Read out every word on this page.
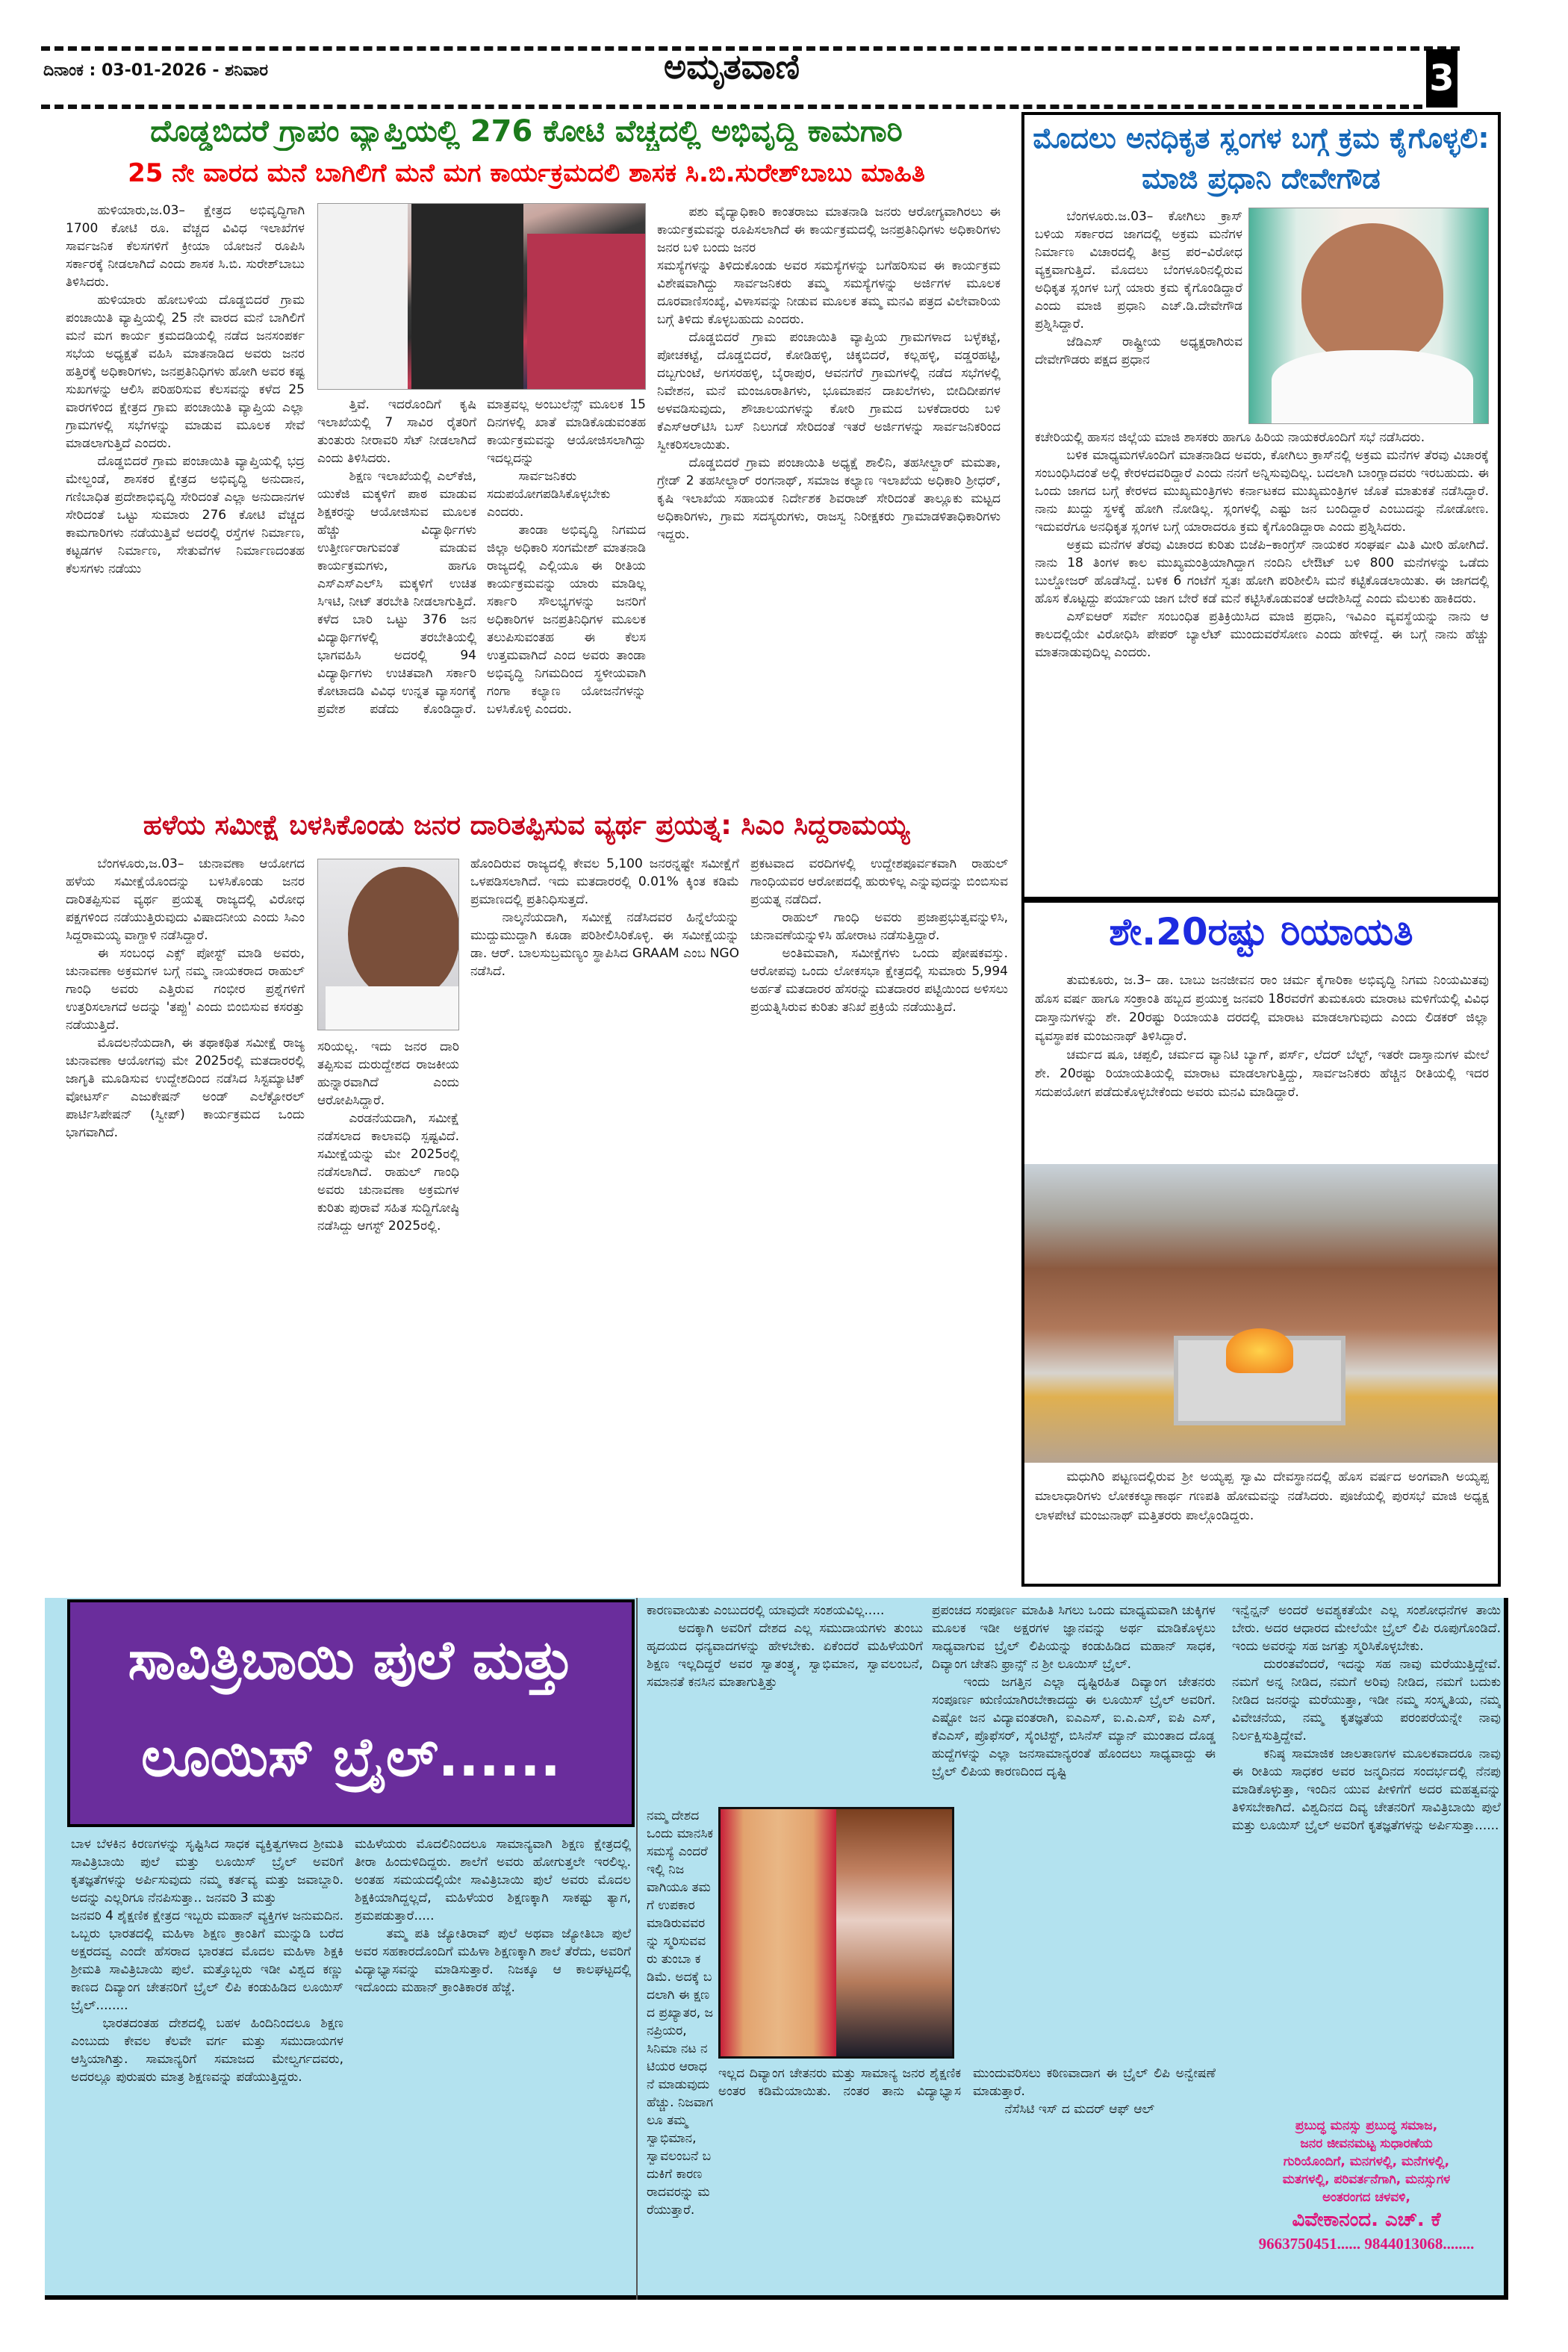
ದಿನಾಂಕ : 03-01-2026 - ಶನಿವಾರ	ಅಮೃತವಾಣಿ	3
ದೊಡ್ಡಬಿದರೆ ಗ್ರಾಪಂ ವ್ಯಾಪ್ತಿಯಲ್ಲಿ 276 ಕೋಟಿ ವೆಚ್ಚದಲ್ಲಿ ಅಭಿವೃದ್ಧಿ ಕಾಮಗಾರಿ
25 ನೇ ವಾರದ ಮನೆ ಬಾಗಿಲಿಗೆ ಮನೆ ಮಗ ಕಾರ್ಯಕ್ರಮದಲಿ ಶಾಸಕ ಸಿ.ಬಿ.ಸುರೇಶ್‌ಬಾಬು ಮಾಹಿತಿ

ಹುಳಿಯಾರು,ಜ.03– ಕ್ಷೇತ್ರದ ಅಭಿವೃದ್ಧಿಗಾಗಿ 1700 ಕೋಟಿ ರೂ. ವೆಚ್ಚದ ವಿವಿಧ ಇಲಾಖೆಗಳ ಸಾರ್ವಜನಿಕ ಕೆಲಸಗಳಿಗೆ ಕ್ರೀಯಾ ಯೋಜನೆ ರೂಪಿಸಿ ಸರ್ಕಾರಕ್ಕೆ ನೀಡಲಾಗಿದೆ ಎಂದು ಶಾಸಕ ಸಿ.ಬಿ. ಸುರೇಶ್‌ಬಾಬು ತಿಳಿಸಿದರು.

ಹುಳಿಯಾರು ಹೋಬಳಿಯ ದೊಡ್ಡಬಿದರೆ ಗ್ರಾಮ ಪಂಚಾಯಿತಿ ವ್ಯಾಪ್ತಿಯಲ್ಲಿ 25 ನೇ ವಾರದ ಮನೆ ಬಾಗಿಲಿಗೆ ಮನೆ ಮಗ ಕಾರ್ಯ ಕ್ರಮದಡಿಯಲ್ಲಿ ನಡೆದ ಜನಸಂಪರ್ಕ ಸಭೆಯ ಅಧ್ಯಕ್ಷತೆ ವಹಿಸಿ ಮಾತನಾಡಿದ ಅವರು ಜನರ ಹತ್ತಿರಕ್ಕೆ ಅಧಿಕಾರಿಗಳು, ಜನಪ್ರತಿನಿಧಿಗಳು ಹೋಗಿ ಅವರ ಕಷ್ಟ ಸುಖಗಳನ್ನು ಆಲಿಸಿ ಪರಿಹರಿಸುವ ಕೆಲಸವನ್ನು ಕಳೆದ 25 ವಾರಗಳಿಂದ ಕ್ಷೇತ್ರದ ಗ್ರಾಮ ಪಂಚಾಯಿತಿ ವ್ಯಾಪ್ತಿಯ ಎಲ್ಲಾ ಗ್ರಾಮಗಳಲ್ಲಿ ಸಭೆಗಳನ್ನು ಮಾಡುವ ಮೂಲಕ ಸೇವೆ ಮಾಡಲಾಗುತ್ತಿದೆ ಎಂದರು.

ದೊಡ್ಡಬಿದರೆ ಗ್ರಾಮ ಪಂಚಾಯಿತಿ ವ್ಯಾಪ್ತಿಯಲ್ಲಿ ಭದ್ರ ಮೇಲ್ದಂಡೆ, ಶಾಸಕರ ಕ್ಷೇತ್ರದ ಅಭಿವೃದ್ಧಿ ಅನುದಾನ, ಗಣಿಬಾಧಿತ ಪ್ರದೇಶಾಭಿವೃದ್ಧಿ ಸೇರಿದಂತೆ ಎಲ್ಲಾ ಅನುದಾನಗಳ ಸೇರಿದಂತೆ ಒಟ್ಟು ಸುಮಾರು 276 ಕೋಟಿ ವೆಚ್ಚದ ಕಾಮಗಾರಿಗಳು ನಡೆಯುತ್ತಿವೆ ಅದರಲ್ಲಿ ರಸ್ತೆಗಳ ನಿರ್ಮಾಣ, ಕಟ್ಟಡಗಳ ನಿರ್ಮಾಣ, ಸೇತುವೆಗಳ ನಿರ್ಮಾಣದಂತಹ ಕೆಲಸಗಳು ನಡೆಯು

ತ್ತಿವೆ. ಇದರೊಂದಿಗೆ ಕೃಷಿ ಇಲಾಖೆಯಲ್ಲಿ 7 ಸಾವಿರ ರೈತರಿಗೆ ತುಂತುರು ನೀರಾವರಿ ಸೆಟ್ ನೀಡಲಾಗಿದೆ ಎಂದು ತಿಳಿಸಿದರು.

ಶಿಕ್ಷಣ ಇಲಾಖೆಯಲ್ಲಿ ಎಲ್‌ಕೆಜಿ, ಯುಕೆಜಿ ಮಕ್ಕಳಿಗೆ ಪಾಠ ಮಾಡುವ ಶಿಕ್ಷಕರನ್ನು ಆಯೋಜಿಸುವ ಮೂಲಕ ಹೆಚ್ಚು ವಿದ್ಯಾರ್ಥಿಗಳು ಉತ್ತೀರ್ಣರಾಗುವಂತೆ ಮಾಡುವ ಕಾರ್ಯಕ್ರಮಗಳು, ಹಾಗೂ ಎಸ್ಎಸ್ಎಲ್‌ಸಿ ಮಕ್ಕಳಿಗೆ ಉಚಿತ ಸಿಇಟಿ, ನೀಟ್ ತರಬೇತಿ ನೀಡಲಾಗುತ್ತಿದೆ. ಕಳೆದ ಬಾರಿ ಒಟ್ಟು 376 ಜನ ವಿದ್ಯಾರ್ಥಿಗಳಲ್ಲಿ ತರಬೇತಿಯಲ್ಲಿ ಭಾಗವಹಿಸಿ ಅದರಲ್ಲಿ 94 ವಿದ್ಯಾರ್ಥಿಗಳು ಉಚಿತವಾಗಿ ಸರ್ಕಾರಿ ಕೋಟಾದಡಿ ವಿವಿಧ ಉನ್ನತ ವ್ಯಾಸಂಗಕ್ಕೆ ಪ್ರವೇಶ ಪಡೆದು ಕೊಂಡಿದ್ದಾರೆ. ಮಾತ್ರವಲ್ಲ ಅಂಬುಲೆನ್ಸ್ ಮೂಲಕ 15 ದಿನಗಳಲ್ಲಿ ಖಾತೆ ಮಾಡಿಕೊಡುವಂತಹ ಕಾರ್ಯಕ್ರಮವನ್ನು ಆಯೋಜಿಸಲಾಗಿದ್ದು ಇದಲ್ಲದನ್ನು

ಸಾರ್ವಜನಿಕರು ಸದುಪಯೋಗಪಡಿಸಿಕೊಳ್ಳಬೇಕು ಎಂದರು.

ತಾಂಡಾ ಅಭಿವೃದ್ಧಿ ನಿಗಮದ ಜಿಲ್ಲಾ ಅಧಿಕಾರಿ ಸಂಗಮೇಶ್ ಮಾತನಾಡಿ ರಾಜ್ಯದಲ್ಲಿ ಎಲ್ಲಿಯೂ ಈ ರೀತಿಯ ಕಾರ್ಯಕ್ರಮವನ್ನು ಯಾರು ಮಾಡಿಲ್ಲ ಸರ್ಕಾರಿ ಸೌಲಭ್ಯಗಳನ್ನು ಜನರಿಗೆ ಅಧಿಕಾರಿಗಳ ಜನಪ್ರತಿನಿಧಿಗಳ ಮೂಲಕ ತಲುಪಿಸುವಂತಹ ಈ ಕೆಲಸ ಉತ್ತಮವಾಗಿದೆ ಎಂದ ಅವರು ತಾಂಡಾ ಅಭಿವೃದ್ಧಿ ನಿಗಮದಿಂದ ಸ್ಥಳೀಯವಾಗಿ ಗಂಗಾ ಕಲ್ಯಾಣ ಯೋಜನೆಗಳನ್ನು ಬಳಸಿಕೊಳ್ಳಿ ಎಂದರು.

ಪಶು ವೈದ್ಯಾಧಿಕಾರಿ ಕಾಂತರಾಜು ಮಾತನಾಡಿ ಜನರು ಆರೋಗ್ಯವಾಗಿರಲು ಈ ಕಾರ್ಯಕ್ರಮವನ್ನು ರೂಪಿಸಲಾಗಿದೆ ಈ ಕಾರ್ಯಕ್ರಮದಲ್ಲಿ ಜನಪ್ರತಿನಿಧಿಗಳು ಅಧಿಕಾರಿಗಳು ಜನರ ಬಳಿ ಬಂದು ಜನರ

ಸಮಸ್ಯೆಗಳನ್ನು ತಿಳಿದುಕೊಂಡು ಅವರ ಸಮಸ್ಯೆಗಳನ್ನು ಬಗೆಹರಿಸುವ ಈ ಕಾರ್ಯಕ್ರಮ ವಿಶೇಷವಾಗಿದ್ದು ಸಾರ್ವಜನಿಕರು ತಮ್ಮ ಸಮಸ್ಯೆಗಳನ್ನು ಅರ್ಜಿಗಳ ಮೂಲಕ ದೂರವಾಣಿಸಂಖ್ಯೆ, ವಿಳಾಸವನ್ನು ನೀಡುವ ಮೂಲಕ ತಮ್ಮ ಮನವಿ ಪತ್ರದ ವಿಲೇವಾರಿಯ ಬಗ್ಗೆ ತಿಳಿದು ಕೊಳ್ಳಬಹುದು ಎಂದರು.

ದೊಡ್ಡಬಿದರೆ ಗ್ರಾಮ ಪಂಚಾಯಿತಿ ವ್ಯಾಪ್ತಿಯ ಗ್ರಾಮಗಳಾದ ಬಳ್ಳೆಕಟ್ಟೆ, ಪೋಚಕಟ್ಟೆ, ದೊಡ್ಡಬಿದರೆ, ಕೋಡಿಹಳ್ಳಿ, ಚಿಕ್ಕಬಿದರೆ, ಕಲ್ಲಹಳ್ಳಿ, ವಡ್ಡರಹಟ್ಟಿ, ದಬ್ಬಗುಂಟೆ, ಅಗಸರಹಳ್ಳಿ, ಬೈರಾಪುರ, ಆವನಗೆರೆ ಗ್ರಾಮಗಳಲ್ಲಿ ನಡೆದ ಸಭೆಗಳಲ್ಲಿ ನಿವೇಶನ, ಮನೆ ಮಂಜೂರಾತಿಗಳು, ಭೂಮಾಪನ ದಾಖಲೆಗಳು, ಬೀದಿದೀಪಗಳ ಅಳವಡಿಸುವುದು, ಶೌಚಾಲಯಗಳನ್ನು ಕೋರಿ ಗ್ರಾಮದ ಬಳಕೆದಾರರು ಬಳಿ ಕೆಎಸ್‌ಆರ್‌ಟಿಸಿ ಬಸ್ ನಿಲುಗಡೆ ಸೇರಿದಂತೆ ಇತರೆ ಅರ್ಜಿಗಳನ್ನು ಸಾರ್ವಜನಿಕರಿಂದ ಸ್ವೀಕರಿಸಲಾಯಿತು.

ದೊಡ್ಡಬಿದರೆ ಗ್ರಾಮ ಪಂಚಾಯಿತಿ ಅಧ್ಯಕ್ಷೆ ಶಾಲಿನಿ, ತಹಸೀಲ್ದಾರ್ ಮಮತಾ, ಗ್ರೇಡ್ 2 ತಹಸೀಲ್ದಾರ್ ರಂಗನಾಥ್, ಸಮಾಜ ಕಲ್ಯಾಣ ಇಲಾಖೆಯ ಅಧಿಕಾರಿ ಶ್ರೀಧರ್, ಕೃಷಿ ಇಲಾಖೆಯ ಸಹಾಯಕ ನಿರ್ದೇಶಕ ಶಿವರಾಜ್ ಸೇರಿದಂತೆ ತಾಲ್ಲೂಕು ಮಟ್ಟದ ಅಧಿಕಾರಿಗಳು, ಗ್ರಾಮ ಸದಸ್ಯರುಗಳು, ರಾಜಸ್ವ ನಿರೀಕ್ಷಕರು ಗ್ರಾಮಾಡಳಿತಾಧಿಕಾರಿಗಳು ಇದ್ದರು.

ಮೊದಲು ಅನಧಿಕೃತ ಸ್ಲಂಗಳ ಬಗ್ಗೆ ಕ್ರಮ ಕೈಗೊಳ್ಳಲಿ: ಮಾಜಿ ಪ್ರಧಾನಿ ದೇವೇಗೌಡ

ಬೆಂಗಳೂರು.ಜ.03– ಕೋಗಿಲು ಕ್ರಾಸ್ ಬಳಿಯ ಸರ್ಕಾರದ ಜಾಗದಲ್ಲಿ ಅಕ್ರಮ ಮನೆಗಳ ನಿರ್ಮಾಣ ವಿಚಾರದಲ್ಲಿ ತೀವ್ರ ಪರ–ವಿರೋಧ ವ್ಯಕ್ತವಾಗುತ್ತಿದೆ. ಮೊದಲು ಬೆಂಗಳೂರಿನಲ್ಲಿರುವ ಅಧಿಕೃತ ಸ್ಲಂಗಳ ಬಗ್ಗೆ ಯಾರು ಕ್ರಮ ಕೈಗೊಂಡಿದ್ದಾರೆ ಎಂದು ಮಾಜಿ ಪ್ರಧಾನಿ ಎಚ್.ಡಿ.ದೇವೇಗೌಡ ಪ್ರಶ್ನಿಸಿದ್ದಾರೆ.

ಜೆಡಿಎಸ್ ರಾಷ್ಟ್ರೀಯ ಅಧ್ಯಕ್ಷರಾಗಿರುವ ದೇವೇಗೌಡರು ಪಕ್ಷದ ಪ್ರಧಾನ

ಕಚೇರಿಯಲ್ಲಿ ಹಾಸನ ಜಿಲ್ಲೆಯ ಮಾಜಿ ಶಾಸಕರು ಹಾಗೂ ಹಿರಿಯ ನಾಯಕರೊಂದಿಗೆ ಸಭೆ ನಡೆಸಿದರು.

ಬಳಿಕ ಮಾಧ್ಯಮಗಳೊಂದಿಗೆ ಮಾತನಾಡಿದ ಅವರು, ಕೋಗಿಲು ಕ್ರಾಸ್‌ನಲ್ಲಿ ಅಕ್ರಮ ಮನೆಗಳ ತೆರವು ವಿಚಾರಕ್ಕೆ ಸಂಬಂಧಿಸಿದಂತೆ ಅಲ್ಲಿ ಕೇರಳದವರಿದ್ದಾರೆ ಎಂದು ನನಗೆ ಅನ್ನಿಸುವುದಿಲ್ಲ. ಬದಲಾಗಿ ಬಾಂಗ್ಲಾದವರು ಇರಬಹುದು. ಈ ಒಂದು ಜಾಗದ ಬಗ್ಗೆ ಕೇರಳದ ಮುಖ್ಯಮಂತ್ರಿಗಳು ಕರ್ನಾಟಕದ ಮುಖ್ಯಮಂತ್ರಿಗಳ ಜೊತೆ ಮಾತುಕತೆ ನಡೆಸಿದ್ದಾರೆ. ನಾನು ಖುದ್ದು ಸ್ಥಳಕ್ಕೆ ಹೋಗಿ ನೋಡಿಲ್ಲ. ಸ್ಲಂಗಳಲ್ಲಿ ಎಷ್ಟು ಜನ ಬಂದಿದ್ದಾರೆ ಎಂಬುದನ್ನು ನೋಡೋಣ. ಇದುವರೆಗೂ ಅನಧಿಕೃತ ಸ್ಲಂಗಳ ಬಗ್ಗೆ ಯಾರಾದರೂ ಕ್ರಮ ಕೈಗೊಂಡಿದ್ದಾರಾ ಎಂದು ಪ್ರಶ್ನಿಸಿದರು.

ಅಕ್ರಮ ಮನೆಗಳ ತೆರವು ವಿಚಾರದ ಕುರಿತು ಬಿಜೆಪಿ–ಕಾಂಗ್ರೆಸ್ ನಾಯಕರ ಸಂಘರ್ಷ ಮಿತಿ ಮೀರಿ ಹೋಗಿದೆ. ನಾನು 18 ತಿಂಗಳ ಕಾಲ ಮುಖ್ಯಮಂತ್ರಿಯಾಗಿದ್ದಾಗ ನಂದಿನಿ ಲೇಔಟ್ ಬಳಿ 800 ಮನೆಗಳನ್ನು ಒಡೆದು ಬುಲ್ಡೋಜರ್ ಹೊಡೆಸಿದ್ದೆ. ಬಳಿಕ 6 ಗಂಟೆಗೆ ಸ್ವತಃ ಹೋಗಿ ಪರಿಶೀಲಿಸಿ ಮನೆ ಕಟ್ಟಿಕೊಡಲಾಯಿತು. ಈ ಜಾಗದಲ್ಲಿ ಹೊಸ ಕೊಟ್ಟದ್ದು ಪರ್ಯಾಯ ಜಾಗ ಬೇರೆ ಕಡೆ ಮನೆ ಕಟ್ಟಿಸಿಕೊಡುವಂತೆ ಆದೇಶಿಸಿದ್ದೆ ಎಂದು ಮೆಲುಕು ಹಾಕಿದರು.

ಎಸ್ಐಆರ್ ಸರ್ವೇ ಸಂಬಂಧಿತ ಪ್ರತಿಕ್ರಿಯಿಸಿದ ಮಾಜಿ ಪ್ರಧಾನಿ, ಇವಿಎಂ ವ್ಯವಸ್ಥೆಯನ್ನು ನಾನು ಆ ಕಾಲದಲ್ಲಿಯೇ ವಿರೋಧಿಸಿ ಪೇಪರ್ ಬ್ಯಾಲೆಟ್ ಮುಂದುವರೆಸೋಣ ಎಂದು ಹೇಳಿದ್ದೆ. ಈ ಬಗ್ಗೆ ನಾನು ಹೆಚ್ಚು ಮಾತನಾಡುವುದಿಲ್ಲ ಎಂದರು.

ಹಳೆಯ ಸಮೀಕ್ಷೆ ಬಳಸಿಕೊಂಡು ಜನರ ದಾರಿತಪ್ಪಿಸುವ ವ್ಯರ್ಥ ಪ್ರಯತ್ನ: ಸಿಎಂ ಸಿದ್ದರಾಮಯ್ಯ

ಬೆಂಗಳೂರು,ಜ.03– ಚುನಾವಣಾ ಆಯೋಗದ ಹಳೆಯ ಸಮೀಕ್ಷೆಯೊಂದನ್ನು ಬಳಸಿಕೊಂಡು ಜನರ ದಾರಿತಪ್ಪಿಸುವ ವ್ಯರ್ಥ ಪ್ರಯತ್ನ ರಾಜ್ಯದಲ್ಲಿ ವಿರೋಧ ಪಕ್ಷಗಳಿಂದ ನಡೆಯುತ್ತಿರುವುದು ವಿಷಾದನೀಯ ಎಂದು ಸಿಎಂ ಸಿದ್ದರಾಮಯ್ಯ ವಾಗ್ದಾಳಿ ನಡೆಸಿದ್ದಾರೆ.

ಈ ಸಂಬಂಧ ಎಕ್ಸ್ ಪೋಸ್ಟ್ ಮಾಡಿ ಅವರು, ಚುನಾವಣಾ ಅಕ್ರಮಗಳ ಬಗ್ಗೆ ನಮ್ಮ ನಾಯಕರಾದ ರಾಹುಲ್ ಗಾಂಧಿ ಅವರು ಎತ್ತಿರುವ ಗಂಭೀರ ಪ್ರಶ್ನೆಗಳಿಗೆ ಉತ್ತರಿಸಲಾಗದೆ ಅದನ್ನು 'ತಪ್ಪು' ಎಂದು ಬಿಂಬಿಸುವ ಕಸರತ್ತು ನಡೆಯುತ್ತಿದೆ.

ಮೊದಲನೆಯದಾಗಿ, ಈ ತಥಾಕಥಿತ ಸಮೀಕ್ಷೆ ರಾಜ್ಯ ಚುನಾವಣಾ ಆಯೋಗವು ಮೇ 2025ರಲ್ಲಿ ಮತದಾರರಲ್ಲಿ ಜಾಗೃತಿ ಮೂಡಿಸುವ ಉದ್ದೇಶದಿಂದ ನಡೆಸಿದ ಸಿಸ್ಟಮ್ಯಾಟಿಕ್ ವೋಟರ್ಸ್ ಎಜುಕೇಷನ್ ಅಂಡ್ ಎಲೆಕ್ಟೋರಲ್ ಪಾರ್ಟಿಸಿಪೇಷನ್ (ಸ್ವೀಪ್) ಕಾರ್ಯಕ್ರಮದ ಒಂದು ಭಾಗವಾಗಿದೆ.

ಸರಿಯಲ್ಲ. ಇದು ಜನರ ದಾರಿ ತಪ್ಪಿಸುವ ದುರುದ್ದೇಶದ ರಾಜಕೀಯ ಹುನ್ನಾರವಾಗಿದೆ ಎಂದು ಆರೋಪಿಸಿದ್ದಾರೆ.

ಎರಡನೆಯದಾಗಿ, ಸಮೀಕ್ಷೆ ನಡೆಸಲಾದ ಕಾಲಾವಧಿ ಸ್ಪಷ್ಟವಿದೆ. ಸಮೀಕ್ಷೆಯನ್ನು ಮೇ 2025ರಲ್ಲಿ ನಡೆಸಲಾಗಿದೆ. ರಾಹುಲ್ ಗಾಂಧಿ ಅವರು ಚುನಾವಣಾ ಅಕ್ರಮಗಳ ಕುರಿತು ಪುರಾವೆ ಸಹಿತ ಸುದ್ದಿಗೋಷ್ಠಿ ನಡೆಸಿದ್ದು ಆಗಸ್ಟ್ 2025ರಲ್ಲಿ.

ಹೊಂದಿರುವ ರಾಜ್ಯದಲ್ಲಿ ಕೇವಲ 5,100 ಜನರನ್ನಷ್ಟೇ ಸಮೀಕ್ಷೆಗೆ ಒಳಪಡಿಸಲಾಗಿದೆ. ಇದು ಮತದಾರರಲ್ಲಿ 0.01% ಕ್ಕಿಂತ ಕಡಿಮೆ ಪ್ರಮಾಣದಲ್ಲಿ ಪ್ರತಿನಿಧಿಸುತ್ತದೆ.

ನಾಲ್ಕನೆಯದಾಗಿ, ಸಮೀಕ್ಷೆ ನಡೆಸಿದವರ ಹಿನ್ನೆಲೆಯನ್ನು ಮುದ್ದುಮುದ್ದಾಗಿ ಕೂಡಾ ಪರಿಶೀಲಿಸಿರಿಕೊಳ್ಳಿ. ಈ ಸಮೀಕ್ಷೆಯನ್ನು ಡಾ. ಆರ್. ಬಾಲಸುಬ್ರಮಣ್ಯಂ ಸ್ಥಾಪಿಸಿದ GRAAM ಎಂಬ NGO ನಡೆಸಿದೆ.

ಪ್ರಕಟವಾದ ವರದಿಗಳಲ್ಲಿ ಉದ್ದೇಶಪೂರ್ವಕವಾಗಿ ರಾಹುಲ್ ಗಾಂಧಿಯವರ ಆರೋಪದಲ್ಲಿ ಹುರುಳಿಲ್ಲ ಎನ್ನುವುದನ್ನು ಬಿಂಬಿಸುವ ಪ್ರಯತ್ನ ನಡೆದಿದೆ.

ರಾಹುಲ್ ಗಾಂಧಿ ಅವರು ಪ್ರಜಾಪ್ರಭುತ್ವವನ್ನುಳಿಸಿ, ಚುನಾವಣೆಯನ್ನುಳಿಸಿ ಹೋರಾಟ ನಡೆಸುತ್ತಿದ್ದಾರೆ.

ಅಂತಿಮವಾಗಿ, ಸಮೀಕ್ಷೆಗಳು ಒಂದು ಪೋಷಕವಸ್ತು. ಆರೋಪವು ಒಂದು ಲೋಕಸಭಾ ಕ್ಷೇತ್ರದಲ್ಲಿ ಸುಮಾರು 5,994 ಅರ್ಹತೆ ಮತದಾರರ ಹೆಸರನ್ನು ಮತದಾರರ ಪಟ್ಟಿಯಿಂದ ಅಳಿಸಲು ಪ್ರಯತ್ನಿಸಿರುವ ಕುರಿತು ತನಿಖೆ ಪ್ರಕ್ರಿಯೆ ನಡೆಯುತ್ತಿದೆ.

ಶೇ.20ರಷ್ಟು ರಿಯಾಯತಿ

ತುಮಕೂರು, ಜ.3– ಡಾ. ಬಾಬು ಜನಜೀವನ ರಾಂ ಚರ್ಮ ಕೈಗಾರಿಕಾ ಅಭಿವೃದ್ಧಿ ನಿಗಮ ನಿಂಯಮಿತವು ಹೊಸ ವರ್ಷ ಹಾಗೂ ಸಂಕ್ರಾಂತಿ ಹಬ್ಬದ ಪ್ರಯುಕ್ತ ಜನವರಿ 18ರವರೆಗೆ ತುಮಕೂರು ಮಾರಾಟ ಮಳಿಗೆಯಲ್ಲಿ ವಿವಿಧ ದಾಸ್ತಾನುಗಳನ್ನು ಶೇ. 20ರಷ್ಟು ರಿಯಾಯತಿ ದರದಲ್ಲಿ ಮಾರಾಟ ಮಾಡಲಾಗುವುದು ಎಂದು ಲಿಡಕರ್ ಜಿಲ್ಲಾ ವ್ಯವಸ್ಥಾಪಕ ಮಂಜುನಾಥ್ ತಿಳಿಸಿದ್ದಾರೆ.

ಚರ್ಮದ ಷೂ, ಚಪ್ಪಲಿ, ಚರ್ಮದ ವ್ಯಾನಿಟಿ ಬ್ಯಾಗ್, ಪರ್ಸ್, ಲೆದರ್ ಬೆಲ್ಟ್, ಇತರೇ ದಾಸ್ತಾನುಗಳ ಮೇಲೆ ಶೇ. 20ರಷ್ಟು ರಿಯಾಯತಿಯಲ್ಲಿ ಮಾರಾಟ ಮಾಡಲಾಗುತ್ತಿದ್ದು, ಸಾರ್ವಜನಿಕರು ಹೆಚ್ಚಿನ ರೀತಿಯಲ್ಲಿ ಇದರ ಸದುಪಯೋಗ ಪಡೆದುಕೊಳ್ಳಬೇಕೆಂದು ಅವರು ಮನವಿ ಮಾಡಿದ್ದಾರೆ.

ಮಧುಗಿರಿ ಪಟ್ಟಣದಲ್ಲಿರುವ ಶ್ರೀ ಅಯ್ಯಪ್ಪ ಸ್ವಾಮಿ ದೇವಸ್ಥಾನದಲ್ಲಿ ಹೊಸ ವರ್ಷದ ಅಂಗವಾಗಿ ಅಯ್ಯಪ್ಪ ಮಾಲಾಧಾರಿಗಳು ಲೋಕಕಲ್ಯಾಣಾರ್ಥ ಗಣಪತಿ ಹೋಮವನ್ನು ನಡೆಸಿದರು. ಪೂಜೆಯಲ್ಲಿ ಪುರಸಭೆ ಮಾಜಿ ಅಧ್ಯಕ್ಷ ಲಾಳಪೇಟೆ ಮಂಜುನಾಥ್ ಮತ್ತಿತರರು ಪಾಲ್ಗೊಂಡಿದ್ದರು.

ಸಾವಿತ್ರಿಬಾಯಿ ಪುಲೆ ಮತ್ತು
ಲೂಯಿಸ್ ಬ್ರೈಲ್......

ಬಾಳ ಬೆಳಕಿನ ಕಿರಣಗಳನ್ನು ಸೃಷ್ಟಿಸಿದ ಸಾಧಕ ವ್ಯಕ್ತಿತ್ವಗಳಾದ ಶ್ರೀಮತಿ ಸಾವಿತ್ರಿಬಾಯಿ ಪುಲೆ ಮತ್ತು ಲೂಯಿಸ್ ಬ್ರೈಲ್ ಅವರಿಗೆ ಕೃತಜ್ಞತೆಗಳನ್ನು ಅರ್ಪಿಸುವುದು ನಮ್ಮ ಕರ್ತವ್ಯ ಮತ್ತು ಜವಾಬ್ದಾರಿ. ಅದನ್ನು ಎಲ್ಲರಿಗೂ ನೆನಪಿಸುತ್ತಾ.. ಜನವರಿ 3 ಮತ್ತು

ಜನವರಿ 4 ಶೈಕ್ಷಣಿಕ ಕ್ಷೇತ್ರದ ಇಬ್ಬರು ಮಹಾನ್ ವ್ಯಕ್ತಿಗಳ ಜನುಮದಿನ. ಒಬ್ಬರು ಭಾರತದಲ್ಲಿ ಮಹಿಳಾ ಶಿಕ್ಷಣ ಕ್ರಾಂತಿಗೆ ಮುನ್ನುಡಿ ಬರೆದ ಅಕ್ಷರದವ್ವ ಎಂದೇ ಹೆಸರಾದ ಭಾರತದ ಮೊದಲ ಮಹಿಳಾ ಶಿಕ್ಷಕಿ ಶ್ರೀಮತಿ ಸಾವಿತ್ರಿಬಾಯಿ ಪುಲೆ. ಮತ್ತೊಬ್ಬರು ಇಡೀ ವಿಶ್ವದ ಕಣ್ಣು ಕಾಣದ ದಿವ್ಯಾಂಗ ಚೇತನರಿಗೆ ಬ್ರೈಲ್ ಲಿಪಿ ಕಂಡುಹಿಡಿದ ಲೂಯಿಸ್ ಬ್ರೈಲ್........

ಭಾರತದಂತಹ ದೇಶದಲ್ಲಿ ಬಹಳ ಹಿಂದಿನಿಂದಲೂ ಶಿಕ್ಷಣ ಎಂಬುದು ಕೇವಲ ಕೆಲವೇ ವರ್ಗ ಮತ್ತು ಸಮುದಾಯಗಳ ಆಸ್ತಿಯಾಗಿತ್ತು. ಸಾಮಾನ್ಯರಿಗೆ ಸಮಾಜದ ಮೇಲ್ವರ್ಗದವರು, ಅದರಲ್ಲೂ ಪುರುಷರು ಮಾತ್ರ ಶಿಕ್ಷಣವನ್ನು ಪಡೆಯುತ್ತಿದ್ದರು.

ಮಹಿಳೆಯರು ಮೊದಲಿನಿಂದಲೂ ಸಾಮಾನ್ಯವಾಗಿ ಶಿಕ್ಷಣ ಕ್ಷೇತ್ರದಲ್ಲಿ ತೀರಾ ಹಿಂದುಳಿದಿದ್ದರು. ಶಾಲೆಗೆ ಅವರು ಹೋಗುತ್ತಲೇ ಇರಲಿಲ್ಲ. ಅಂತಹ ಸಮಯದಲ್ಲಿಯೇ ಸಾವಿತ್ರಿಬಾಯಿ ಪುಲೆ ಅವರು ಮೊದಲ ಶಿಕ್ಷಕಿಯಾಗಿದ್ದಲ್ಲದೆ, ಮಹಿಳೆಯರ ಶಿಕ್ಷಣಕ್ಕಾಗಿ ಸಾಕಷ್ಟು ತ್ಯಾಗ, ಶ್ರಮಪಡುತ್ತಾರೆ.....

ತಮ್ಮ ಪತಿ ಜ್ಯೋತಿರಾವ್ ಪುಲೆ ಅಥವಾ ಜ್ಯೋತಿಬಾ ಪುಲೆ ಅವರ ಸಹಕಾರದೊಂದಿಗೆ ಮಹಿಳಾ ಶಿಕ್ಷಣಕ್ಕಾಗಿ ಶಾಲೆ ತೆರೆದು, ಅವರಿಗೆ ವಿದ್ಯಾಭ್ಯಾಸವನ್ನು ಮಾಡಿಸುತ್ತಾರೆ. ನಿಜಕ್ಕೂ ಆ ಕಾಲಘಟ್ಟದಲ್ಲಿ ಇದೊಂದು ಮಹಾನ್ ಕ್ರಾಂತಿಕಾರಕ ಹೆಜ್ಜೆ.

ಕಾರಣವಾಯಿತು ಎಂಬುದರಲ್ಲಿ ಯಾವುದೇ ಸಂಶಯವಿಲ್ಲ.....

ಅದಕ್ಕಾಗಿ ಅವರಿಗೆ ದೇಶದ ಎಲ್ಲ ಸಮುದಾಯಗಳು ತುಂಬು ಹೃದಯದ ಧನ್ಯವಾದಗಳನ್ನು ಹೇಳಬೇಕು. ಏಕೆಂದರೆ ಮಹಿಳೆಯರಿಗೆ ಶಿಕ್ಷಣ ಇಲ್ಲದಿದ್ದರೆ ಅವರ ಸ್ವಾತಂತ್ರ್ಯ, ಸ್ವಾಭಿಮಾನ, ಸ್ವಾವಲಂಬನೆ, ಸಮಾನತೆ ಕನಸಿನ ಮಾತಾಗುತ್ತಿತ್ತು

ನಮ್ಮ ದೇಶದ ಒಂದು ಮಾನಸಿಕ ಸಮಸ್ಯೆ ಎಂದರೆ ಇಲ್ಲಿ ನಿಜವಾಗಿಯೂ ತಮಗೆ ಉಪಕಾರ ಮಾಡಿರುವವರನ್ನು ಸ್ಮರಿಸುವವರು ತುಂಬಾ ಕಡಿಮೆ. ಅದಕ್ಕೆ ಬದಲಾಗಿ ಈ ಕ್ಷಣದ ಪ್ರಖ್ಯಾತರ, ಜನಪ್ರಿಯರ, ಸಿನಿಮಾ ನಟ ನಟಿಯರ ಆರಾಧನೆ ಮಾಡುವುದು ಹೆಚ್ಚು. ನಿಜವಾಗಲೂ ತಮ್ಮ ಸ್ವಾಭಿಮಾನ, ಸ್ವಾವಲಂಬನೆ ಬದುಕಿಗೆ ಕಾರಣರಾದವರನ್ನು ಮರೆಯುತ್ತಾರೆ.

ಪ್ರಪಂಚದ ಸಂಪೂರ್ಣ ಮಾಹಿತಿ ಸಿಗಲು ಒಂದು ಮಾಧ್ಯಮವಾಗಿ ಚುಕ್ಕಿಗಳ ಮೂಲಕ ಇಡೀ ಅಕ್ಷರಗಳ ಜ್ಞಾನವನ್ನು ಅರ್ಥ ಮಾಡಿಕೊಳ್ಳಲು ಸಾಧ್ಯವಾಗುವ ಬ್ರೈಲ್ ಲಿಪಿಯನ್ನು ಕಂಡುಹಿಡಿದ ಮಹಾನ್ ಸಾಧಕ, ದಿವ್ಯಾಂಗ ಚೇತನಿ ಫ್ರಾನ್ಸ್ ನ ಶ್ರೀ ಲೂಯಿಸ್ ಬ್ರೈಲ್.

ಇಂದು ಜಗತ್ತಿನ ಎಲ್ಲಾ ದೃಷ್ಟಿರಹಿತ ದಿವ್ಯಾಂಗ ಚೇತನರು ಸಂಪೂರ್ಣ ಋಣಿಯಾಗಿರಬೇಕಾದದ್ದು ಈ ಲೂಯಿಸ್ ಬ್ರೈಲ್ ಅವರಿಗೆ. ಎಷ್ಟೋ ಜನ ವಿದ್ಯಾವಂತರಾಗಿ, ಐಎಎಸ್, ಐ.ಎ.ಎಸ್, ಐಪಿ ಎಸ್, ಕೆಎಎಸ್, ಪ್ರೊಫೆಸರ್, ಸೈಂಟಿಸ್ಟ್, ಬಿಸಿನೆಸ್ ಮ್ಯಾನ್ ಮುಂತಾದ ದೊಡ್ಡ ಹುದ್ದೆಗಳನ್ನು ಎಲ್ಲಾ ಜನಸಾಮಾನ್ಯರಂತೆ ಹೊಂದಲು ಸಾಧ್ಯವಾದ್ದು ಈ ಬ್ರೈಲ್ ಲಿಪಿಯ ಕಾರಣದಿಂದ ದೃಷ್ಟಿ

ಇಲ್ಲದ ದಿವ್ಯಾಂಗ ಚೇತನರು ಮತ್ತು ಸಾಮಾನ್ಯ ಜನರ ಶೈಕ್ಷಣಿಕ ಅಂತರ ಕಡಿಮೆಯಾಯಿತು. ನಂತರ ತಾನು ವಿದ್ಯಾಭ್ಯಾಸ ಮುಂದುವರಿಸಲು ಕಠಿಣವಾದಾಗ ಈ ಬ್ರೈಲ್ ಲಿಪಿ ಅನ್ವೇಷಣೆ ಮಾಡುತ್ತಾರೆ.

ನೆಸೆಸಿಟಿ ಇಸ್ ದ ಮದರ್ ಆಫ್ ಆಲ್

ಇನ್ವೆನ್ಷನ್ ಅಂದರೆ ಅವಶ್ಯಕತೆಯೇ ಎಲ್ಲ ಸಂಶೋಧನೆಗಳ ತಾಯಿ ಬೇರು. ಅದರ ಆಧಾರದ ಮೇಲೆಯೇ ಬ್ರೈಲ್ ಲಿಪಿ ರೂಪುಗೊಂಡಿದೆ. ಇಂದು ಅವರನ್ನು ಸಹ ಜಗತ್ತು ಸ್ಮರಿಸಿಕೊಳ್ಳಬೇಕು.

ದುರಂತವೆಂದರೆ, ಇದನ್ನು ಸಹ ನಾವು ಮರೆಯುತ್ತಿದ್ದೇವೆ. ನಮಗೆ ಅನ್ನ ನೀಡಿದ, ನಮಗೆ ಅರಿವು ನೀಡಿದ, ನಮಗೆ ಬದುಕು ನೀಡಿದ ಜನರನ್ನು ಮರೆಯುತ್ತಾ, ಇಡೀ ನಮ್ಮ ಸಂಸ್ಕೃತಿಯ, ನಮ್ಮ ವಿವೇಚನೆಯ, ನಮ್ಮ ಕೃತಜ್ಞತೆಯ ಪರಂಪರೆಯನ್ನೇ ನಾವು ನಿರ್ಲಕ್ಷಿಸುತ್ತಿದ್ದೇವೆ.

ಕನಿಷ್ಠ ಸಾಮಾಜಿಕ ಜಾಲತಾಣಗಳ ಮೂಲಕವಾದರೂ ನಾವು ಈ ರೀತಿಯ ಸಾಧಕರ ಅವರ ಜನ್ಮದಿನದ ಸಂದರ್ಭದಲ್ಲಿ ನೆನಪು ಮಾಡಿಕೊಳ್ಳುತ್ತಾ, ಇಂದಿನ ಯುವ ಪೀಳಿಗೆಗೆ ಅದರ ಮಹತ್ವವನ್ನು ತಿಳಿಸಬೇಕಾಗಿದೆ. ವಿಶ್ವದಿನದ ದಿವ್ಯ ಚೇತನರಿಗೆ ಸಾವಿತ್ರಿಬಾಯಿ ಪುಲೆ ಮತ್ತು ಲೂಯಿಸ್ ಬ್ರೈಲ್ ಅವರಿಗೆ ಕೃತಜ್ಞತೆಗಳನ್ನು ಅರ್ಪಿಸುತ್ತಾ......

ಪ್ರಬುದ್ಧ ಮನಸ್ಸು ಪ್ರಬುದ್ಧ ಸಮಾಜ,
ಜನರ ಜೀವನಮಟ್ಟ ಸುಧಾರಣೆಯ
ಗುರಿಯೊಂದಿಗೆ, ಮನಗಳಲ್ಲಿ, ಮನೆಗಳಲ್ಲಿ,
ಮತಗಳಲ್ಲಿ, ಪರಿವರ್ತನೆಗಾಗಿ, ಮನಸ್ಸುಗಳ
ಅಂತರಂಗದ ಚಳವಳಿ,
ವಿವೇಕಾನಂದ. ಎಚ್. ಕೆ
9663750451...... 9844013068........
